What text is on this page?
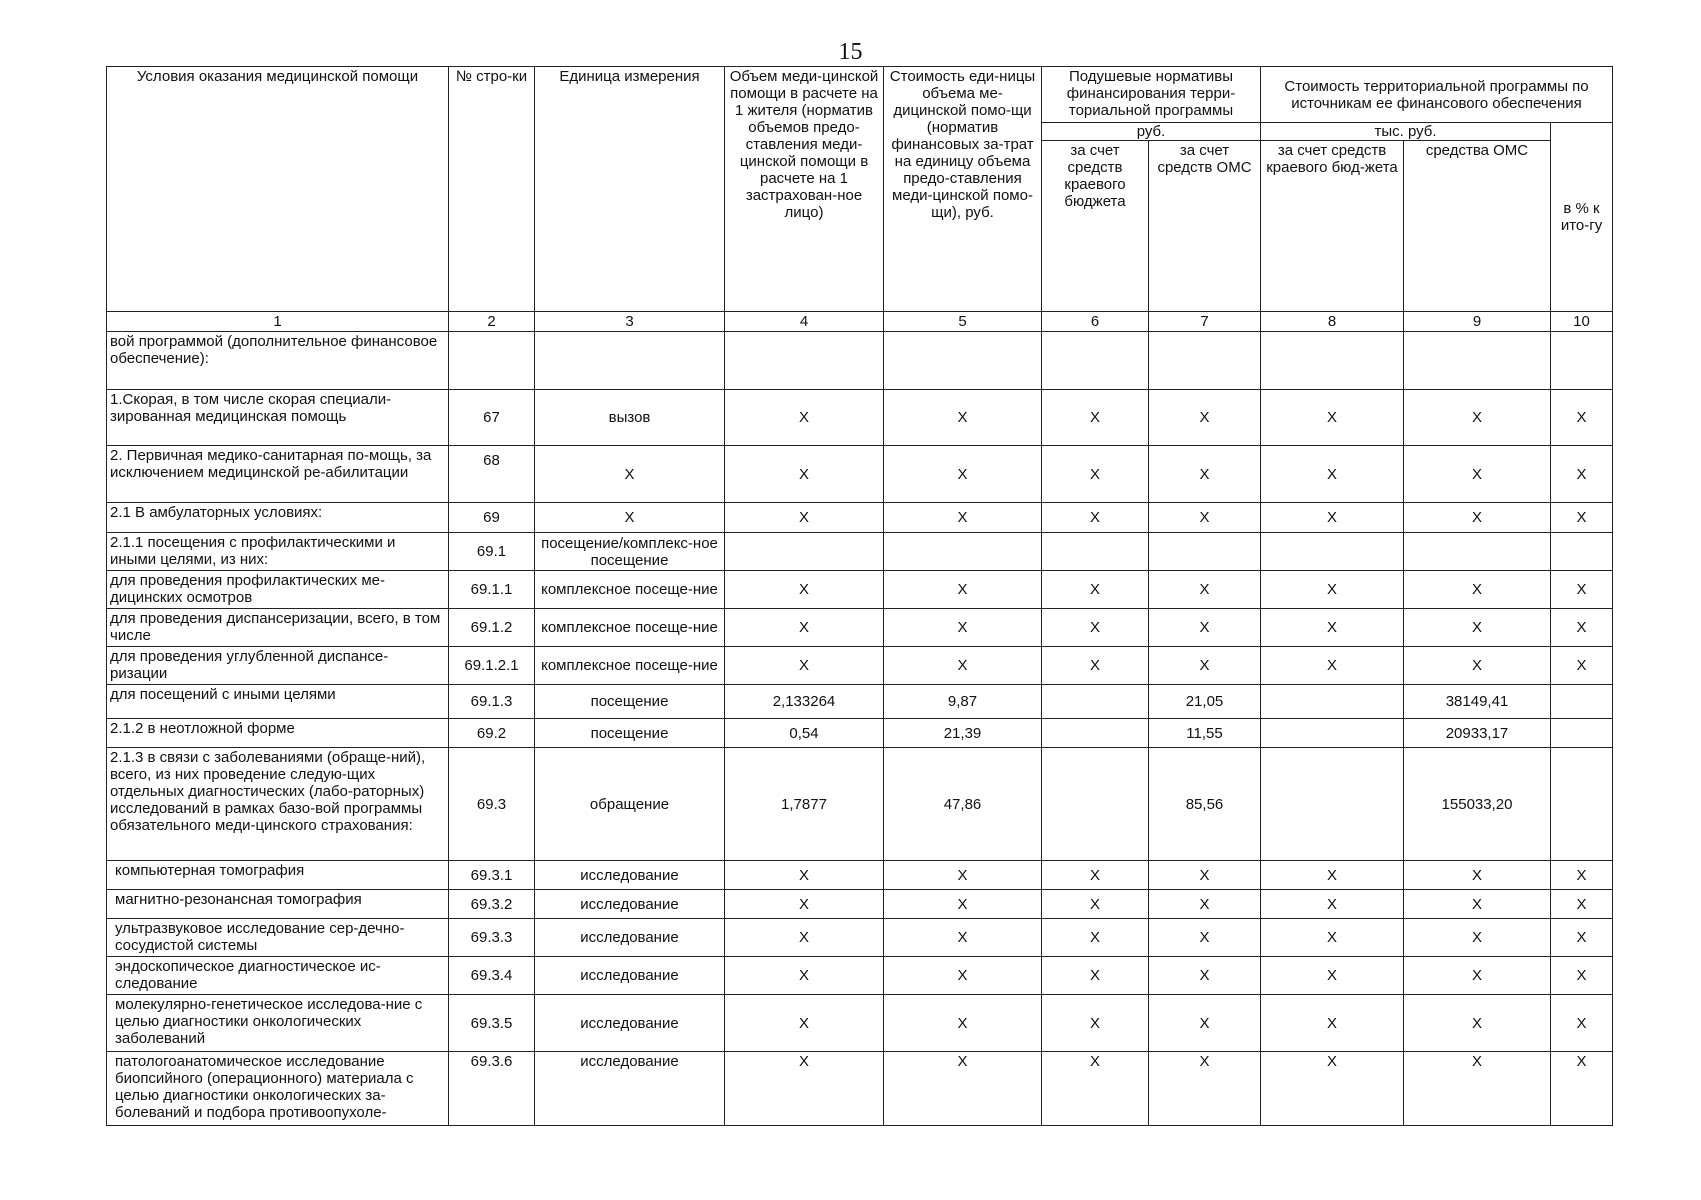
15
Условия оказания медицинской помощи	№ стро-ки	Единица измерения	Объем меди-цинской помощи в расчете на 1 жителя (норматив объемов предо-ставления меди-цинской помощи в расчете на 1 застрахован-ное лицо)	Стоимость еди-ницы объема ме-дицинской помо-щи (норматив финансовых за-трат на единицу объема предо-ставления меди-цинской помо-щи), руб.	Подушевые нормативы финансирования терри-ториальной программы		Стоимость территориальной программы по источникам ее финансового обеспечения		
					руб.		тыс. руб.		в % к ито-гу
					за счет средств краевого бюджета	за счет средств ОМС	за счет средств краевого бюд-жета	средства ОМС	
1	2	3	4	5	6	7	8	9	10
вой программой (дополнительное финансовое обеспечение):									
1.Скорая, в том числе скорая специали-зированная медицинская помощь	67	вызов	X	X	X	X	X	X	X
2. Первичная медико-санитарная по-мощь, за исключением медицинской ре-абилитации	68	X	X	X	X	X	X	X	X
2.1 В амбулаторных условиях:	69	X	X	X	X	X	X	X	X
2.1.1 посещения с профилактическими и иными целями, из них:	69.1	посещение/комплекс-ное посещение							
для проведения профилактических ме-дицинских осмотров	69.1.1	комплексное посеще-ние	X	X	X	X	X	X	X
для проведения диспансеризации, всего, в том числе	69.1.2	комплексное посеще-ние	X	X	X	X	X	X	X
для проведения углубленной диспансе-ризации	69.1.2.1	комплексное посеще-ние	X	X	X	X	X	X	X
для посещений с иными целями	69.1.3	посещение	2,133264	9,87		21,05		38149,41	
2.1.2 в неотложной форме	69.2	посещение	0,54	21,39		11,55		20933,17	
2.1.3 в связи с заболеваниями (обраще-ний), всего, из них проведение следую-щих отдельных диагностических (лабо-раторных) исследований в рамках базо-вой программы обязательного меди-цинского страхования:	69.3	обращение	1,7877	47,86		85,56		155033,20	
компьютерная томография	69.3.1	исследование	X	X	X	X	X	X	X
магнитно-резонансная томография	69.3.2	исследование	X	X	X	X	X	X	X
ультразвуковое исследование сер-дечно-сосудистой системы	69.3.3	исследование	X	X	X	X	X	X	X
эндоскопическое диагностическое ис-следование	69.3.4	исследование	X	X	X	X	X	X	X
молекулярно-генетическое исследова-ние с целью диагностики онкологических заболеваний	69.3.5	исследование	X	X	X	X	X	X	X
патологоанатомическое исследование биопсийного (операционного) материала с целью диагностики онкологических за-болеваний и подбора противоопухоле-	69.3.6	исследование	X	X	X	X	X	X	X
